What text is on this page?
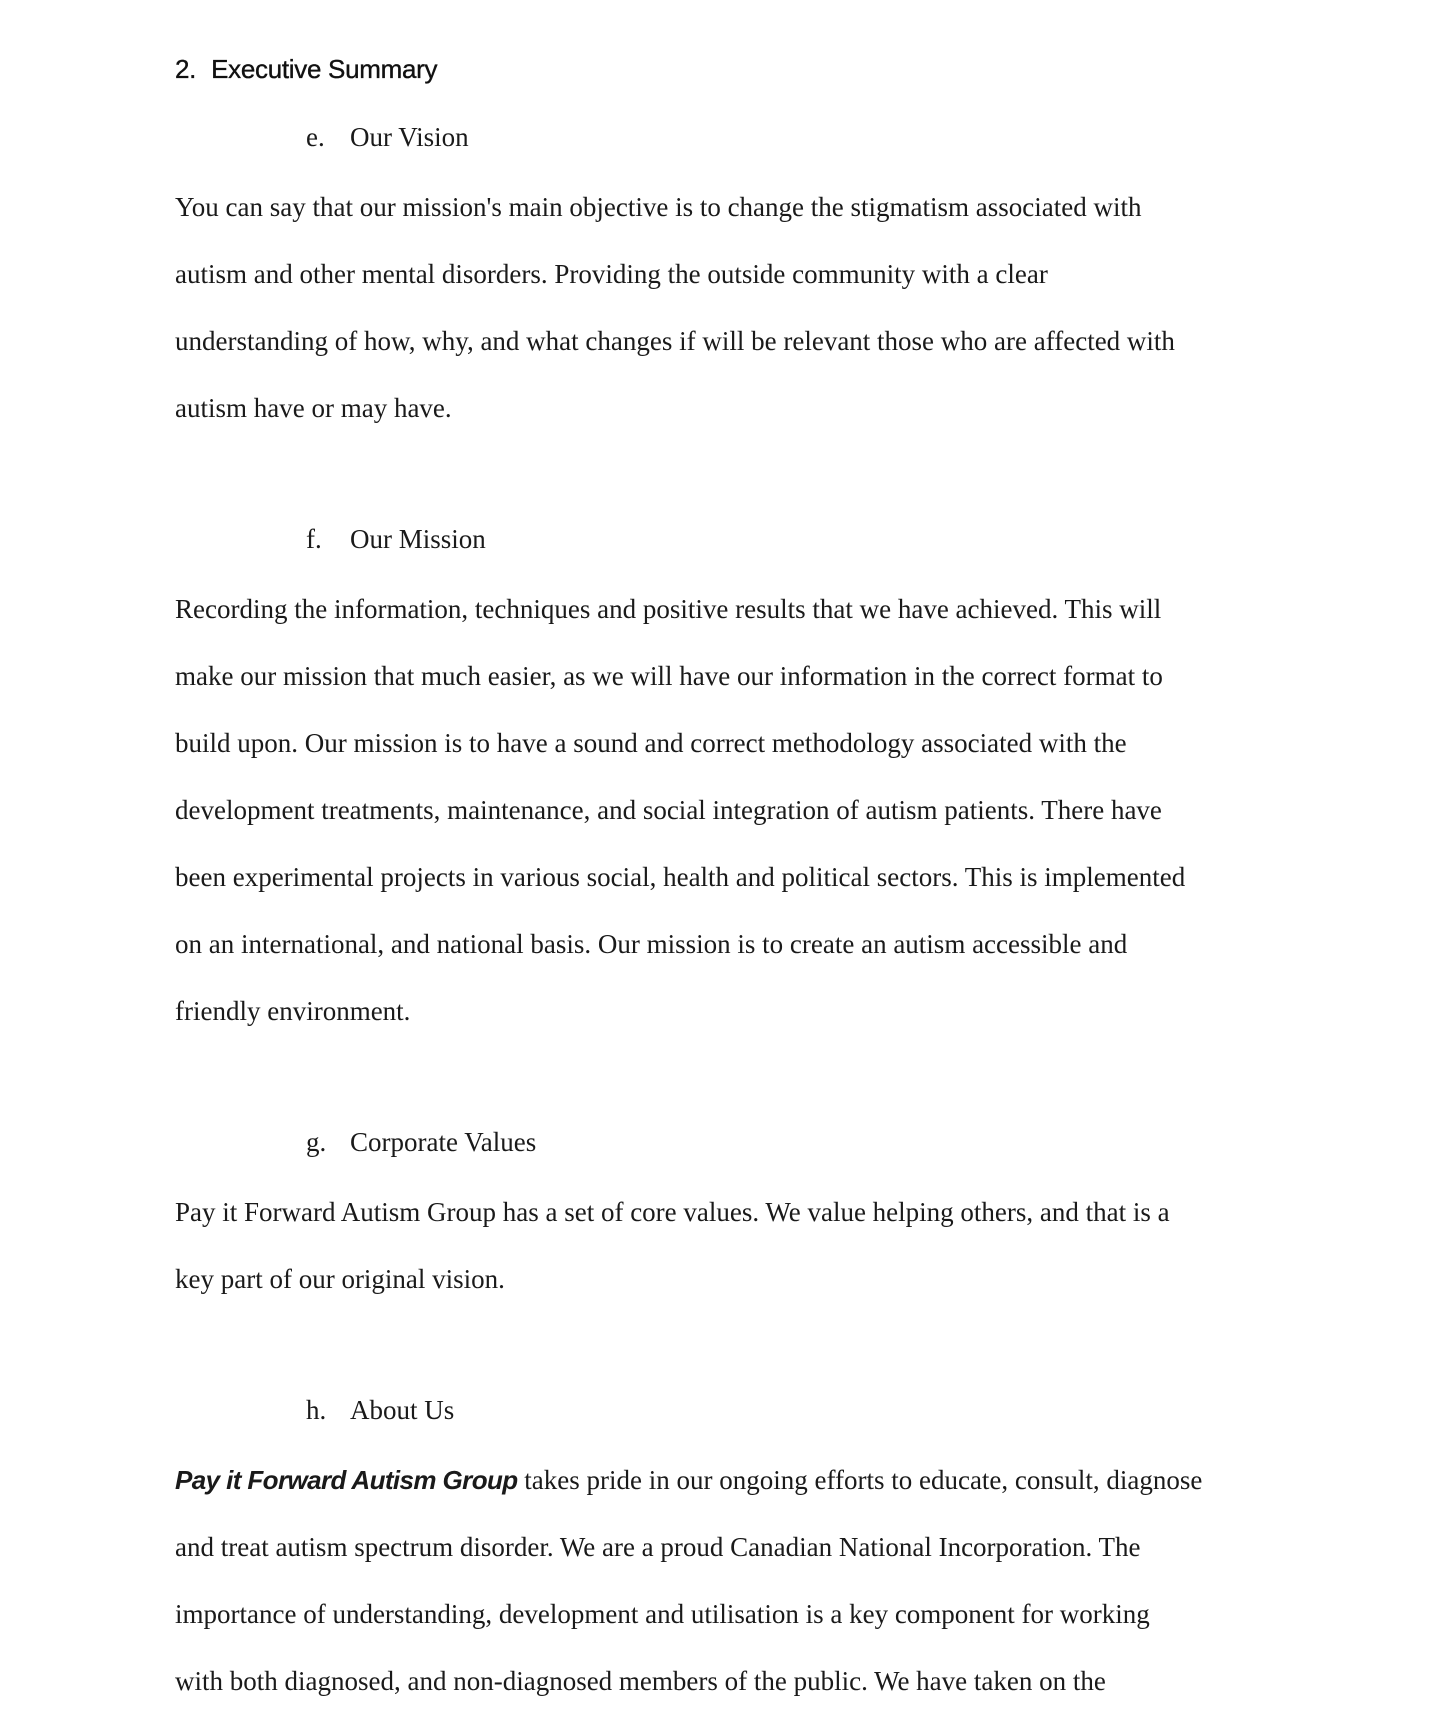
2. Executive Summary
e. Our Vision
You can say that our mission's main objective is to change the stigmatism associated with
autism and other mental disorders. Providing the outside community with a clear
understanding of how, why, and what changes if will be relevant those who are affected with
autism have or may have.
f. Our Mission
Recording the information, techniques and positive results that we have achieved. This will
make our mission that much easier, as we will have our information in the correct format to
build upon. Our mission is to have a sound and correct methodology associated with the
development treatments, maintenance, and social integration of autism patients. There have
been experimental projects in various social, health and political sectors. This is implemented
on an international, and national basis. Our mission is to create an autism accessible and
friendly environment.
g. Corporate Values
Pay it Forward Autism Group has a set of core values. We value helping others, and that is a
key part of our original vision.
h. About Us
Pay it Forward Autism Group takes pride in our ongoing efforts to educate, consult, diagnose
and treat autism spectrum disorder. We are a proud Canadian National Incorporation. The
importance of understanding, development and utilisation is a key component for working
with both diagnosed, and non-diagnosed members of the public. We have taken on the
